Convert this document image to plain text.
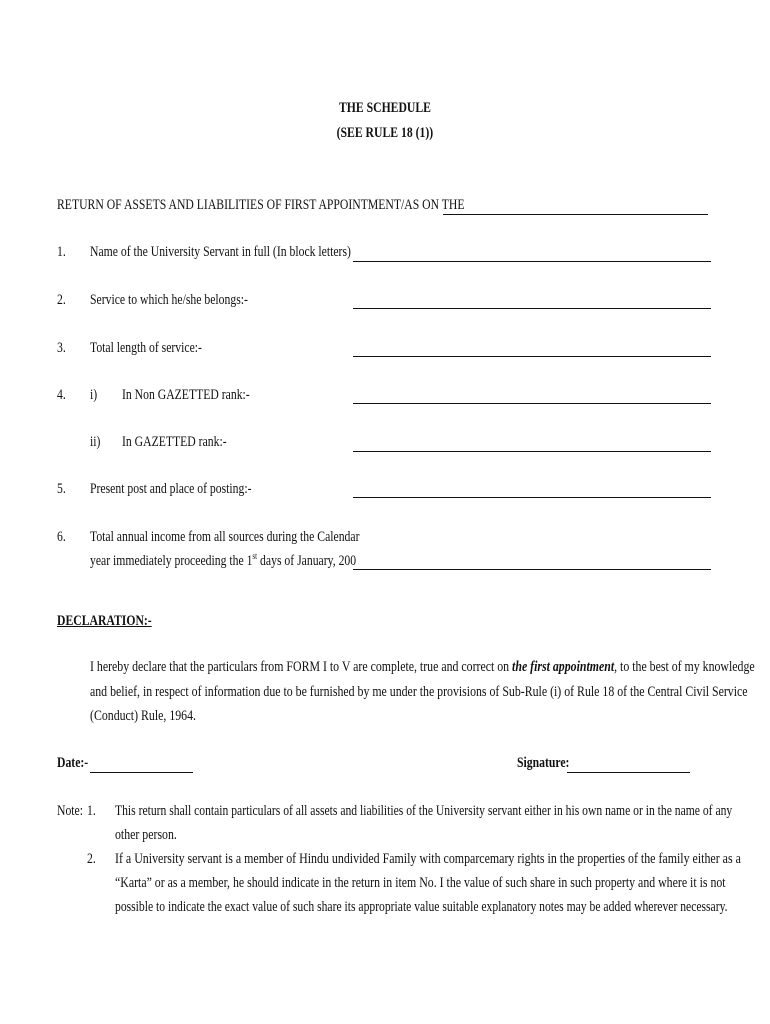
THE SCHEDULE
(SEE RULE 18 (1))
RETURN OF ASSETS AND LIABILITIES OF FIRST APPOINTMENT/AS ON THE
1. Name of the University Servant in full (In block letters)
2. Service to which he/she belongs:-
3. Total length of service:-
4. i) In Non GAZETTED rank:-
ii) In GAZETTED rank:-
5. Present post and place of posting:-
6. Total annual income from all sources during the Calendar
year immediately proceeding the 1st days of January, 200
DECLARATION:-
I hereby declare that the particulars from FORM I to V are complete, true and correct on the first appointment, to the best of my knowledge
and belief, in respect of information due to be furnished by me under the provisions of Sub-Rule (i) of Rule 18 of the Central Civil Service
(Conduct) Rule, 1964.
Date:-	Signature:
Note: 1. This return shall contain particulars of all assets and liabilities of the University servant either in his own name or in the name of any
other person.
2. If a University servant is a member of Hindu undivided Family with comparcemary rights in the properties of the family either as a
“Karta” or as a member, he should indicate in the return in item No. I the value of such share in such property and where it is not
possible to indicate the exact value of such share its appropriate value suitable explanatory notes may be added wherever necessary.
